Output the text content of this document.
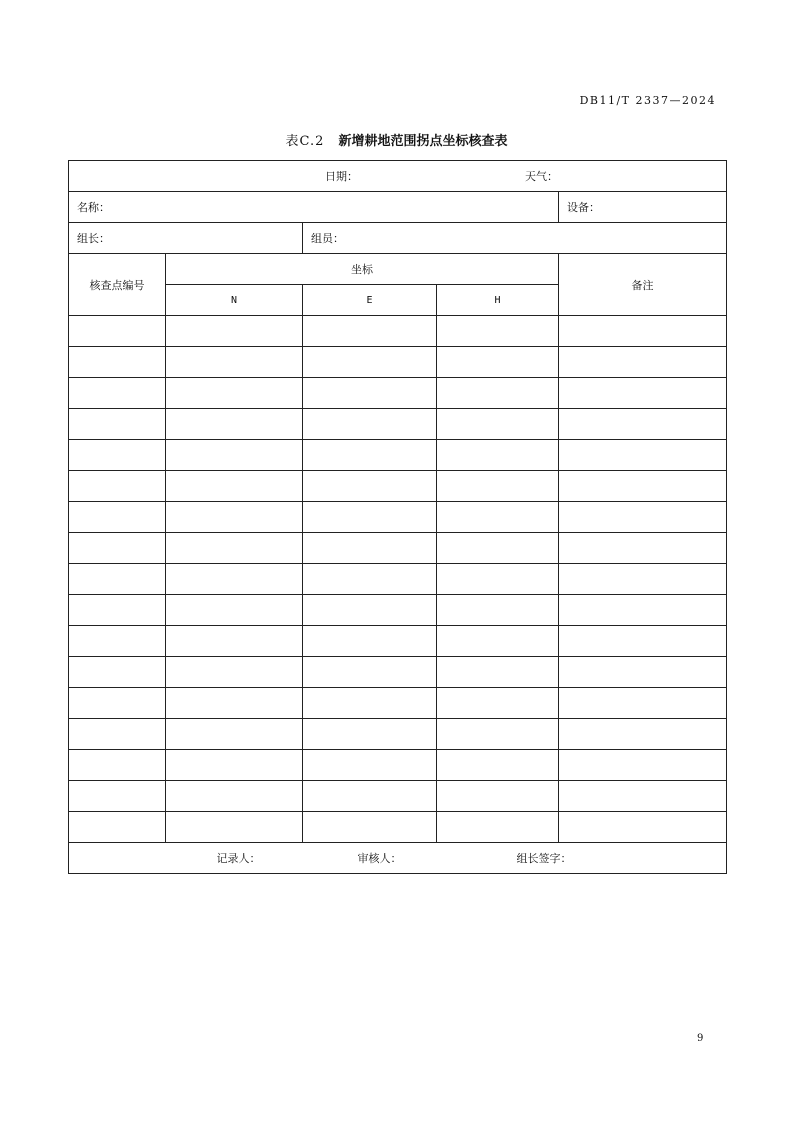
DB11/T 2337—2024
表C.2 新增耕地范围拐点坐标核查表
日期： 天气：				
名称：				设备：
组长：		组员：		
核查点编号	坐标			备注
	N	E	H	

记录人： 审核人： 组长签字：				
9
